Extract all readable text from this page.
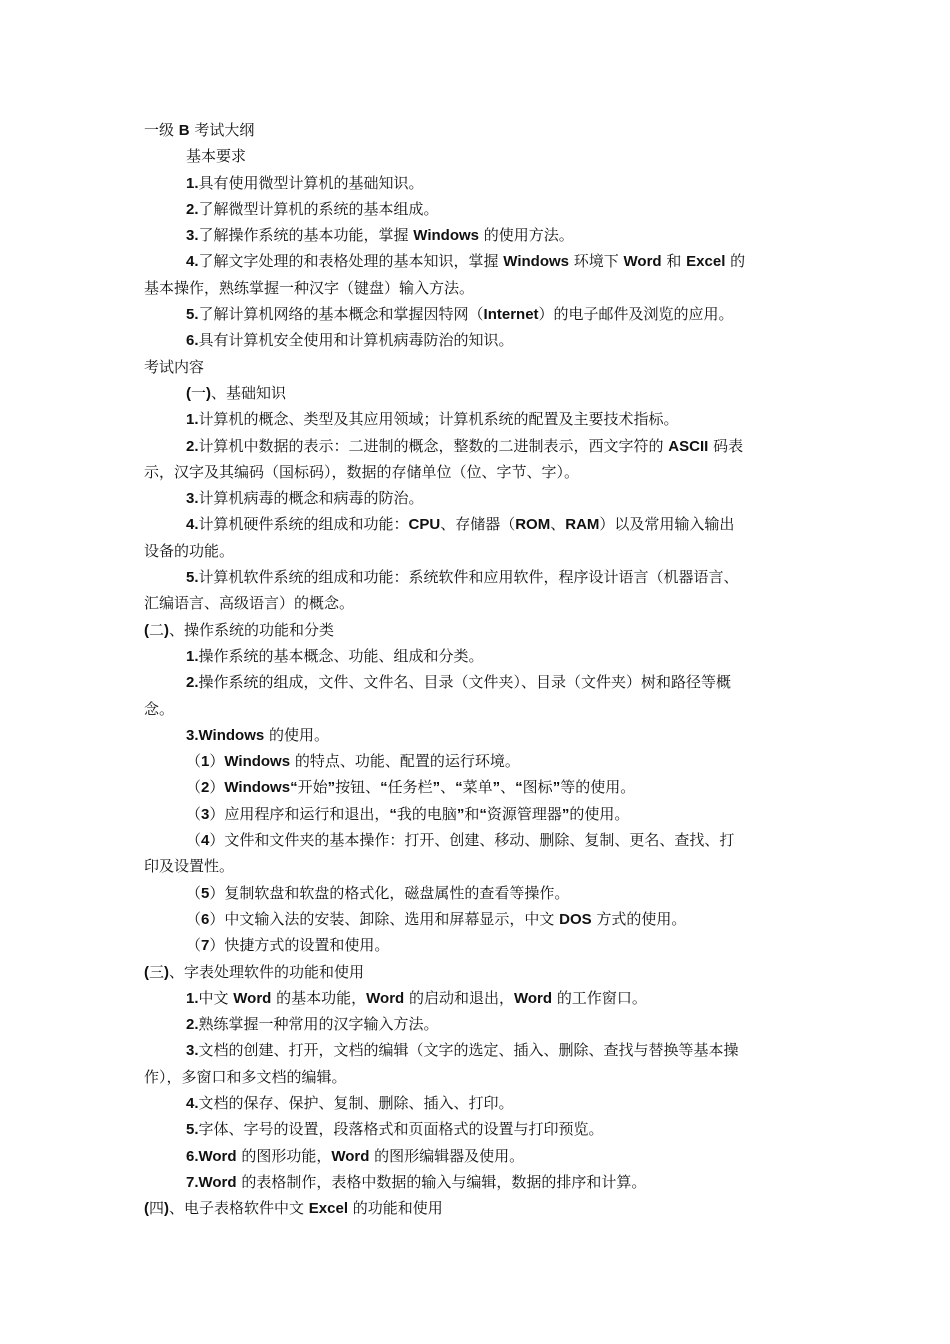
一级 B 考试大纲
基本要求
1.具有使用微型计算机的基础知识。
2.了解微型计算机的系统的基本组成。
3.了解操作系统的基本功能，掌握 Windows 的使用方法。
4.了解文字处理的和表格处理的基本知识，掌握 Windows 环境下 Word 和 Excel 的
基本操作，熟练掌握一种汉字（键盘）输入方法。
5.了解计算机网络的基本概念和掌握因特网（Internet）的电子邮件及浏览的应用。
6.具有计算机安全使用和计算机病毒防治的知识。
考试内容
(一)、基础知识
1.计算机的概念、类型及其应用领域；计算机系统的配置及主要技术指标。
2.计算机中数据的表示：二进制的概念，整数的二进制表示，西文字符的 ASCII 码表
示，汉字及其编码（国标码），数据的存储单位（位、字节、字）。
3.计算机病毒的概念和病毒的防治。
4.计算机硬件系统的组成和功能：CPU、存储器（ROM、RAM）以及常用输入输出
设备的功能。
5.计算机软件系统的组成和功能：系统软件和应用软件，程序设计语言（机器语言、
汇编语言、高级语言）的概念。
(二)、操作系统的功能和分类
1.操作系统的基本概念、功能、组成和分类。
2.操作系统的组成，文件、文件名、目录（文件夹）、目录（文件夹）树和路径等概
念。
3.Windows 的使用。
（1）Windows 的特点、功能、配置的运行环境。
（2）Windows“开始”按钮、“任务栏”、“菜单”、“图标”等的使用。
（3）应用程序和运行和退出，“我的电脑”和“资源管理器”的使用。
（4）文件和文件夹的基本操作：打开、创建、移动、删除、复制、更名、查找、打
印及设置性。
（5）复制软盘和软盘的格式化，磁盘属性的查看等操作。
（6）中文输入法的安装、卸除、选用和屏幕显示，中文 DOS 方式的使用。
（7）快捷方式的设置和使用。
(三)、字表处理软件的功能和使用
1.中文 Word 的基本功能，Word 的启动和退出，Word 的工作窗口。
2.熟练掌握一种常用的汉字输入方法。
3.文档的创建、打开，文档的编辑（文字的选定、插入、删除、查找与替换等基本操
作），多窗口和多文档的编辑。
4.文档的保存、保护、复制、删除、插入、打印。
5.字体、字号的设置，段落格式和页面格式的设置与打印预览。
6.Word 的图形功能，Word 的图形编辑器及使用。
7.Word 的表格制作，表格中数据的输入与编辑，数据的排序和计算。
(四)、电子表格软件中文 Excel 的功能和使用
